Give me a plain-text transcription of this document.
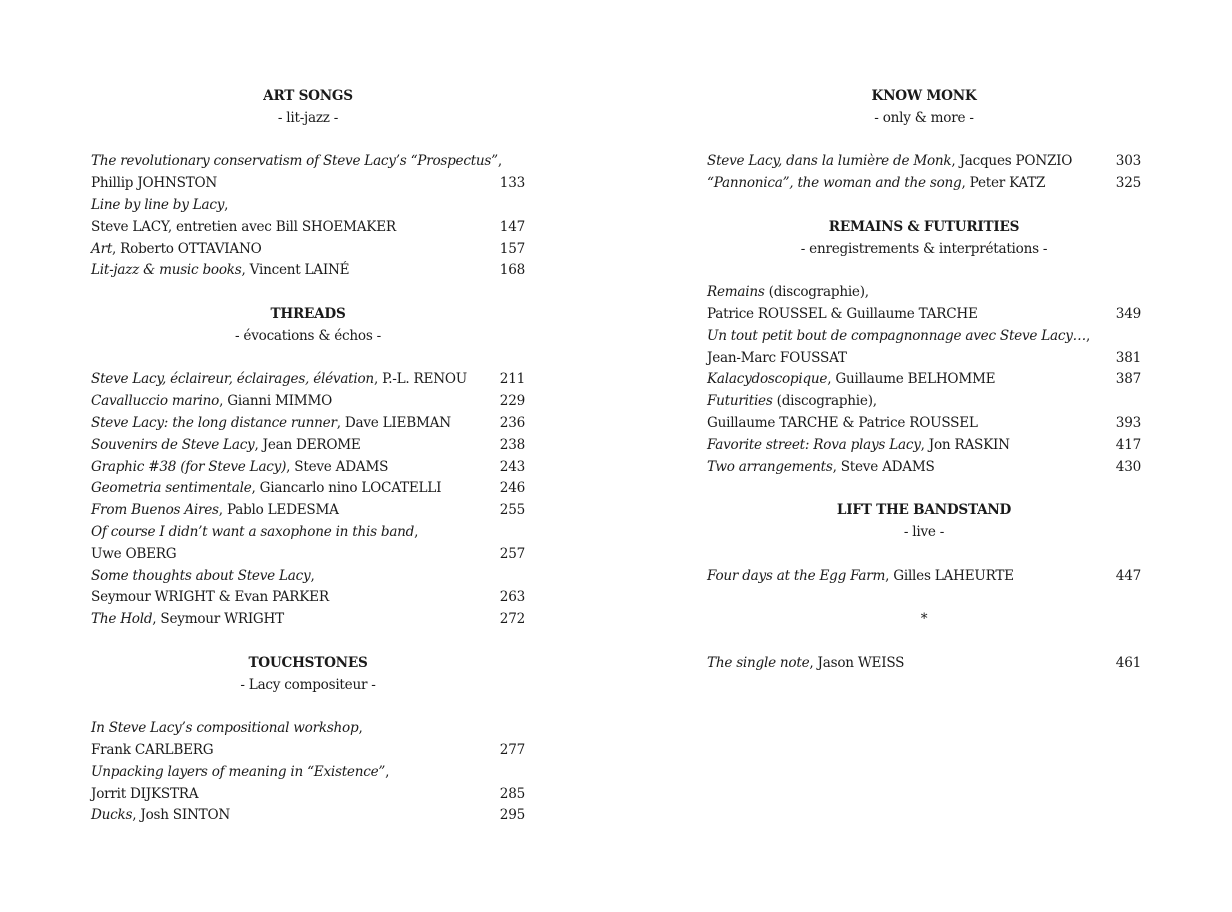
ART SONGS
- lit-jazz -
The revolutionary conservatism of Steve Lacy’s “Prospectus”,
Phillip JOHNSTON	133
Line by line by Lacy,
Steve LACY, entretien avec Bill SHOEMAKER	147
Art, Roberto OTTAVIANO	157
Lit-jazz & music books, Vincent LAINÉ	168
THREADS
- évocations & échos -
Steve Lacy, éclaireur, éclairages, élévation, P.-L. RENOU 211
Cavalluccio marino, Gianni MIMMO	229
Steve Lacy: the long distance runner, Dave LIEBMAN	236
Souvenirs de Steve Lacy, Jean DEROME	238
Graphic #38 (for Steve Lacy), Steve ADAMS	243
Geometria sentimentale, Giancarlo nino LOCATELLI	246
From Buenos Aires, Pablo LEDESMA	255
Of course I didn’t want a saxophone in this band,
Uwe OBERG	257
Some thoughts about Steve Lacy,
Seymour WRIGHT & Evan PARKER	263
The Hold, Seymour WRIGHT	272
TOUCHSTONES
- Lacy compositeur -
In Steve Lacy’s compositional workshop,
Frank CARLBERG	277
Unpacking layers of meaning in “Existence”,
Jorrit DIJKSTRA	285
Ducks, Josh SINTON	295
KNOW MONK
- only & more -
Steve Lacy, dans la lumière de Monk, Jacques PONZIO	303
“Pannonica”, the woman and the song, Peter KATZ	325
REMAINS & FUTURITIES
- enregistrements & interprétations -
Remains (discographie),
Patrice ROUSSEL & Guillaume TARCHE	349
Un tout petit bout de compagnonnage avec Steve Lacy…,
Jean-Marc FOUSSAT	381
Kalacydoscopique, Guillaume BELHOMME	387
Futurities (discographie),
Guillaume TARCHE & Patrice ROUSSEL	393
Favorite street: Rova plays Lacy, Jon RASKIN	417
Two arrangements, Steve ADAMS	430
LIFT THE BANDSTAND
- live -
Four days at the Egg Farm, Gilles LAHEURTE	447
*
The single note, Jason WEISS	461
